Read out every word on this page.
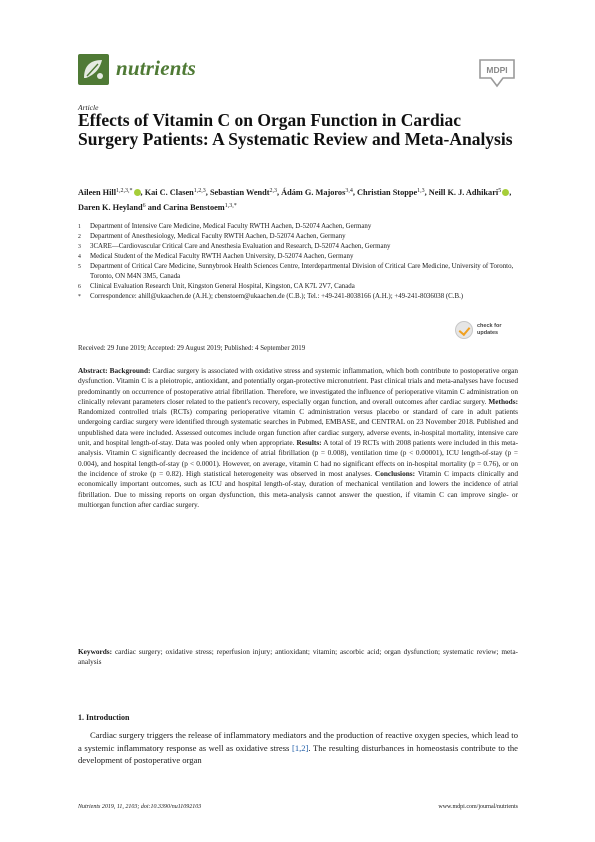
nutrients	MDPI
Article
Effects of Vitamin C on Organ Function in Cardiac Surgery Patients: A Systematic Review and Meta-Analysis
Aileen Hill$^{1,2,3,*}$ , Kai C. Clasen$^{1,2,3}$, Sebastian Wendt$^{2,3}$, Ádám G. Majoros$^{3,4}$, Christian Stoppe$^{1,3}$, Neill K. J. Adhikari$^5$ , Daren K. Heyland$^6$ and Carina Benstoem$^{1,3,*}$
1	Department of Intensive Care Medicine, Medical Faculty RWTH Aachen, D-52074 Aachen, Germany
2	Department of Anesthesiology, Medical Faculty RWTH Aachen, D-52074 Aachen, Germany
3	3CARE—Cardiovascular Critical Care and Anesthesia Evaluation and Research, D-52074 Aachen, Germany
4	Medical Student of the Medical Faculty RWTH Aachen University, D-52074 Aachen, Germany
5	Department of Critical Care Medicine, Sunnybrook Health Sciences Centre, Interdepartmental Division of Critical Care Medicine, University of Toronto, Toronto, ON M4N 3M5, Canada
6	Clinical Evaluation Research Unit, Kingston General Hospital, Kingston, CA K7L 2V7, Canada
*	Correspondence: ahill@ukaachen.de (A.H.); cbenstoem@ukaachen.de (C.B.); Tel.: +49-241-8038166 (A.H.); +49-241-8036038 (C.B.)
check for
updates
Received: 29 June 2019; Accepted: 29 August 2019; Published: 4 September 2019
Abstract: Background: Cardiac surgery is associated with oxidative stress and systemic inflammation, which both contribute to postoperative organ dysfunction. Vitamin C is a pleiotropic, antioxidant, and potentially organ-protective micronutrient. Past clinical trials and meta-analyses have focused predominantly on occurrence of postoperative atrial fibrillation. Therefore, we investigated the influence of perioperative vitamin C administration on clinically relevant parameters closer related to the patient's recovery, especially organ function, and overall outcomes after cardiac surgery. Methods: Randomized controlled trials (RCTs) comparing perioperative vitamin C administration versus placebo or standard of care in adult patients undergoing cardiac surgery were identified through systematic searches in Pubmed, EMBASE, and CENTRAL on 23 November 2018. Published and unpublished data were included. Assessed outcomes include organ function after cardiac surgery, adverse events, in-hospital mortality, intensive care unit, and hospital length-of-stay. Data was pooled only when appropriate. Results: A total of 19 RCTs with 2008 patients were included in this meta-analysis. Vitamin C significantly decreased the incidence of atrial fibrillation (p = 0.008), ventilation time (p < 0.00001), ICU length-of-stay (p = 0.004), and hospital length-of-stay (p < 0.0001). However, on average, vitamin C had no significant effects on in-hospital mortality (p = 0.76), or on the incidence of stroke (p = 0.82). High statistical heterogeneity was observed in most analyses. Conclusions: Vitamin C impacts clinically and economically important outcomes, such as ICU and hospital length-of-stay, duration of mechanical ventilation and lowers the incidence of atrial fibrillation. Due to missing reports on organ dysfunction, this meta-analysis cannot answer the question, if vitamin C can improve single- or multiorgan function after cardiac surgery.
Keywords: cardiac surgery; oxidative stress; reperfusion injury; antioxidant; vitamin; ascorbic acid; organ dysfunction; systematic review; meta-analysis
1. Introduction

Cardiac surgery triggers the release of inflammatory mediators and the production of reactive oxygen species, which lead to a systemic inflammatory response as well as oxidative stress [1,2]. The resulting disturbances in homeostasis contribute to the development of postoperative organ

Nutrients 2019, 11, 2103; doi:10.3390/nu11092103	www.mdpi.com/journal/nutrients
